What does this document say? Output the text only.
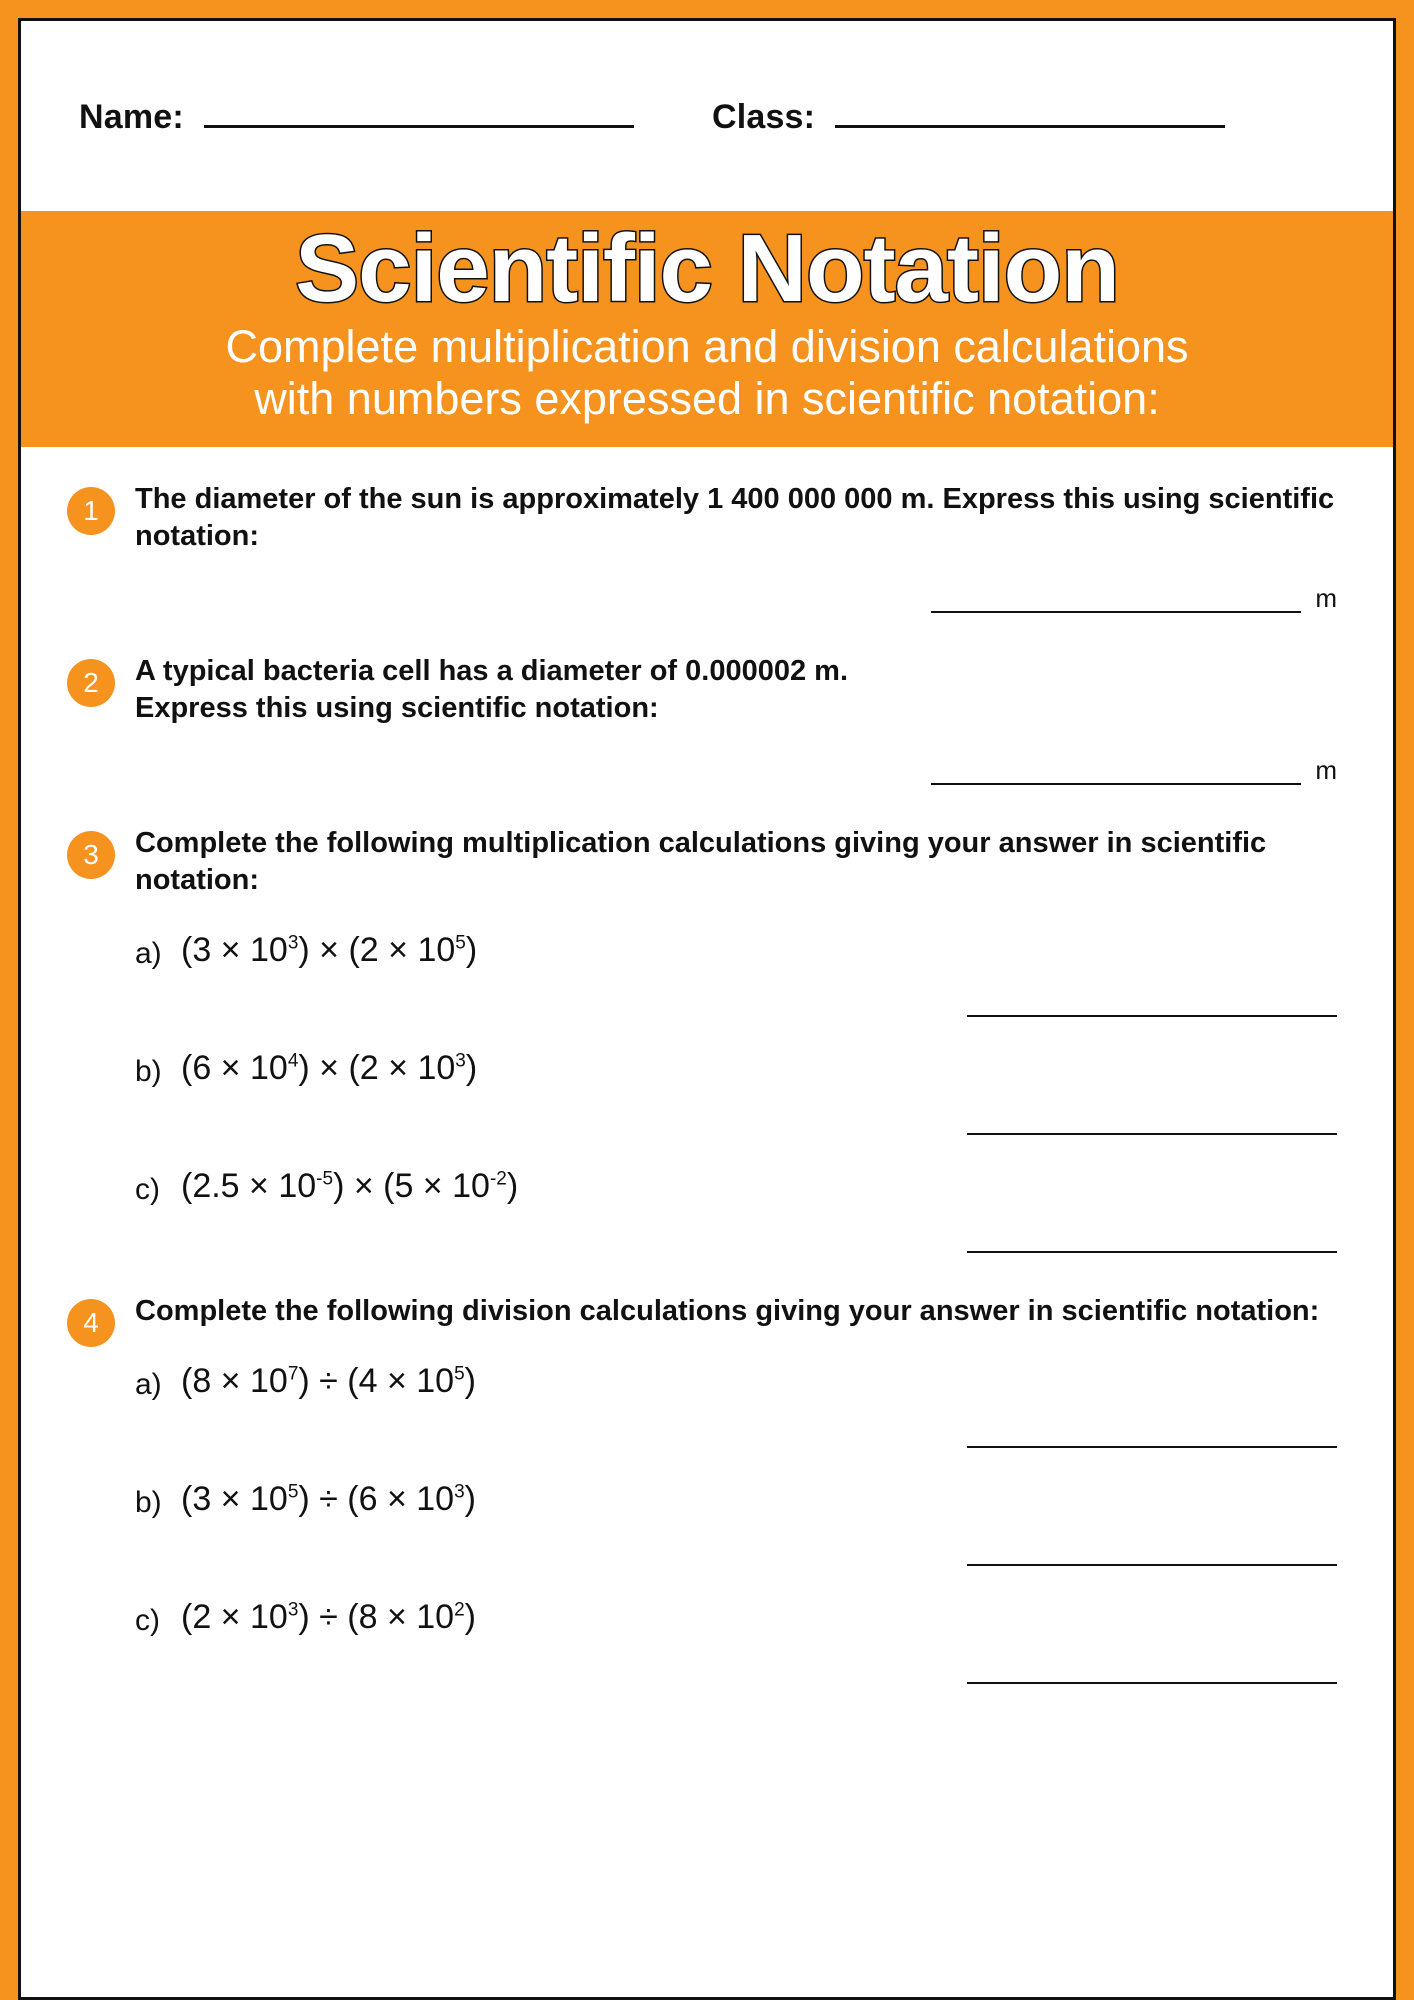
Name:	Class:

Scientific Notation

Complete multiplication and division calculations

with numbers expressed in scientific notation:

1	The diameter of the sun is approximately 1 400 000 000 m. Express this using scientific notation:
m
2	A typical bacteria cell has a diameter of 0.000002 m.
Express this using scientific notation:
m
3	Complete the following multiplication calculations giving your answer in scientific notation:
a) $(3 \times 10^3) \times (2 \times 10^5)$
b) $(6 \times 10^4) \times (2 \times 10^3)$
c) $(2.5 \times 10^{-5}) \times (5 \times 10^{-2})$
4	Complete the following division calculations giving your answer in scientific notation:
a) $(8 \times 10^7) \div (4 \times 10^5)$
b) $(3 \times 10^5) \div (6 \times 10^3)$
c) $(2 \times 10^3) \div (8 \times 10^2)$
